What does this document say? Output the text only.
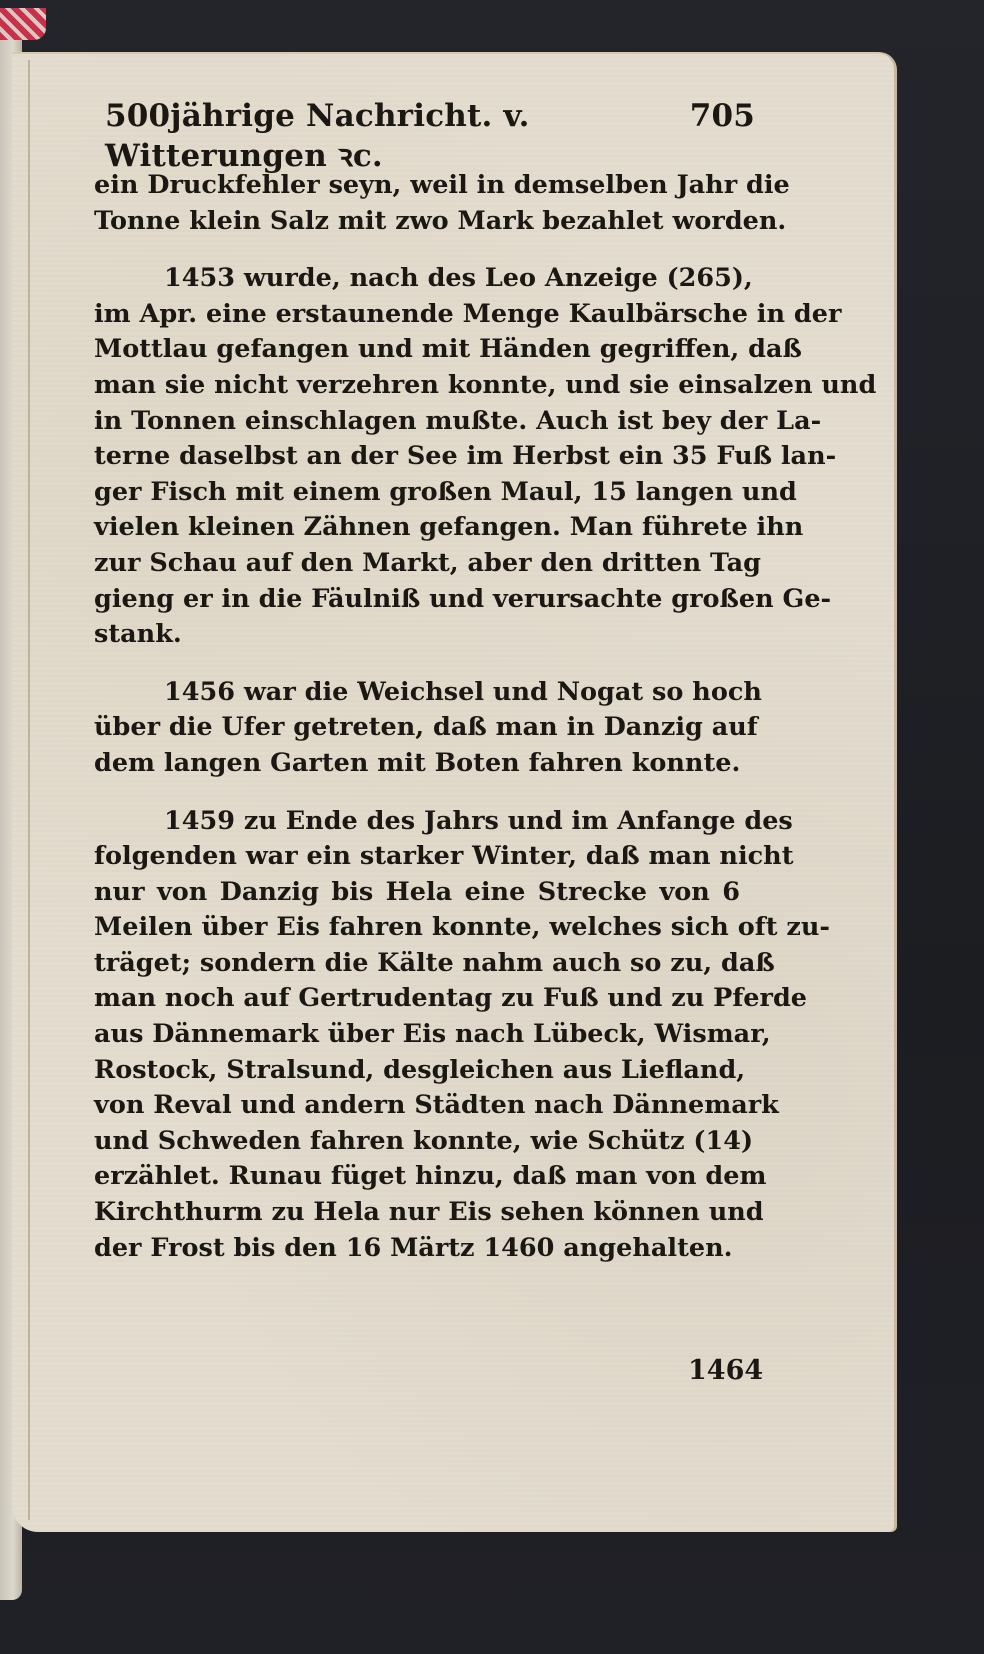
500jährige Nachricht. v. Witterungen ꝛc.
705
ein Druckfehler seyn, weil in demselben Jahr die
Tonne klein Salz mit zwo Mark bezahlet worden.
1453 wurde, nach des Leo Anzeige (265),
im Apr. eine erstaunende Menge Kaulbärsche in der
Mottlau gefangen und mit Händen gegriffen, daß
man sie nicht verzehren konnte, und sie einsalzen und
in Tonnen einschlagen mußte. Auch ist bey der La-
terne daselbst an der See im Herbst ein 35 Fuß lan-
ger Fisch mit einem großen Maul, 15 langen und
vielen kleinen Zähnen gefangen. Man führete ihn
zur Schau auf den Markt, aber den dritten Tag
gieng er in die Fäulniß und verursachte großen Ge-
stank.
1456 war die Weichsel und Nogat so hoch
über die Ufer getreten, daß man in Danzig auf
dem langen Garten mit Boten fahren konnte.
1459 zu Ende des Jahrs und im Anfange des
folgenden war ein starker Winter, daß man nicht
nur von Danzig bis Hela eine Strecke von 6
Meilen über Eis fahren konnte, welches sich oft zu-
träget; sondern die Kälte nahm auch so zu, daß
man noch auf Gertrudentag zu Fuß und zu Pferde
aus Dännemark über Eis nach Lübeck, Wismar,
Rostock, Stralsund, desgleichen aus Liefland,
von Reval und andern Städten nach Dännemark
und Schweden fahren konnte, wie Schütz (14)
erzählet. Runau füget hinzu, daß man von dem
Kirchthurm zu Hela nur Eis sehen können und
der Frost bis den 16 Märtz 1460 angehalten.
1464
